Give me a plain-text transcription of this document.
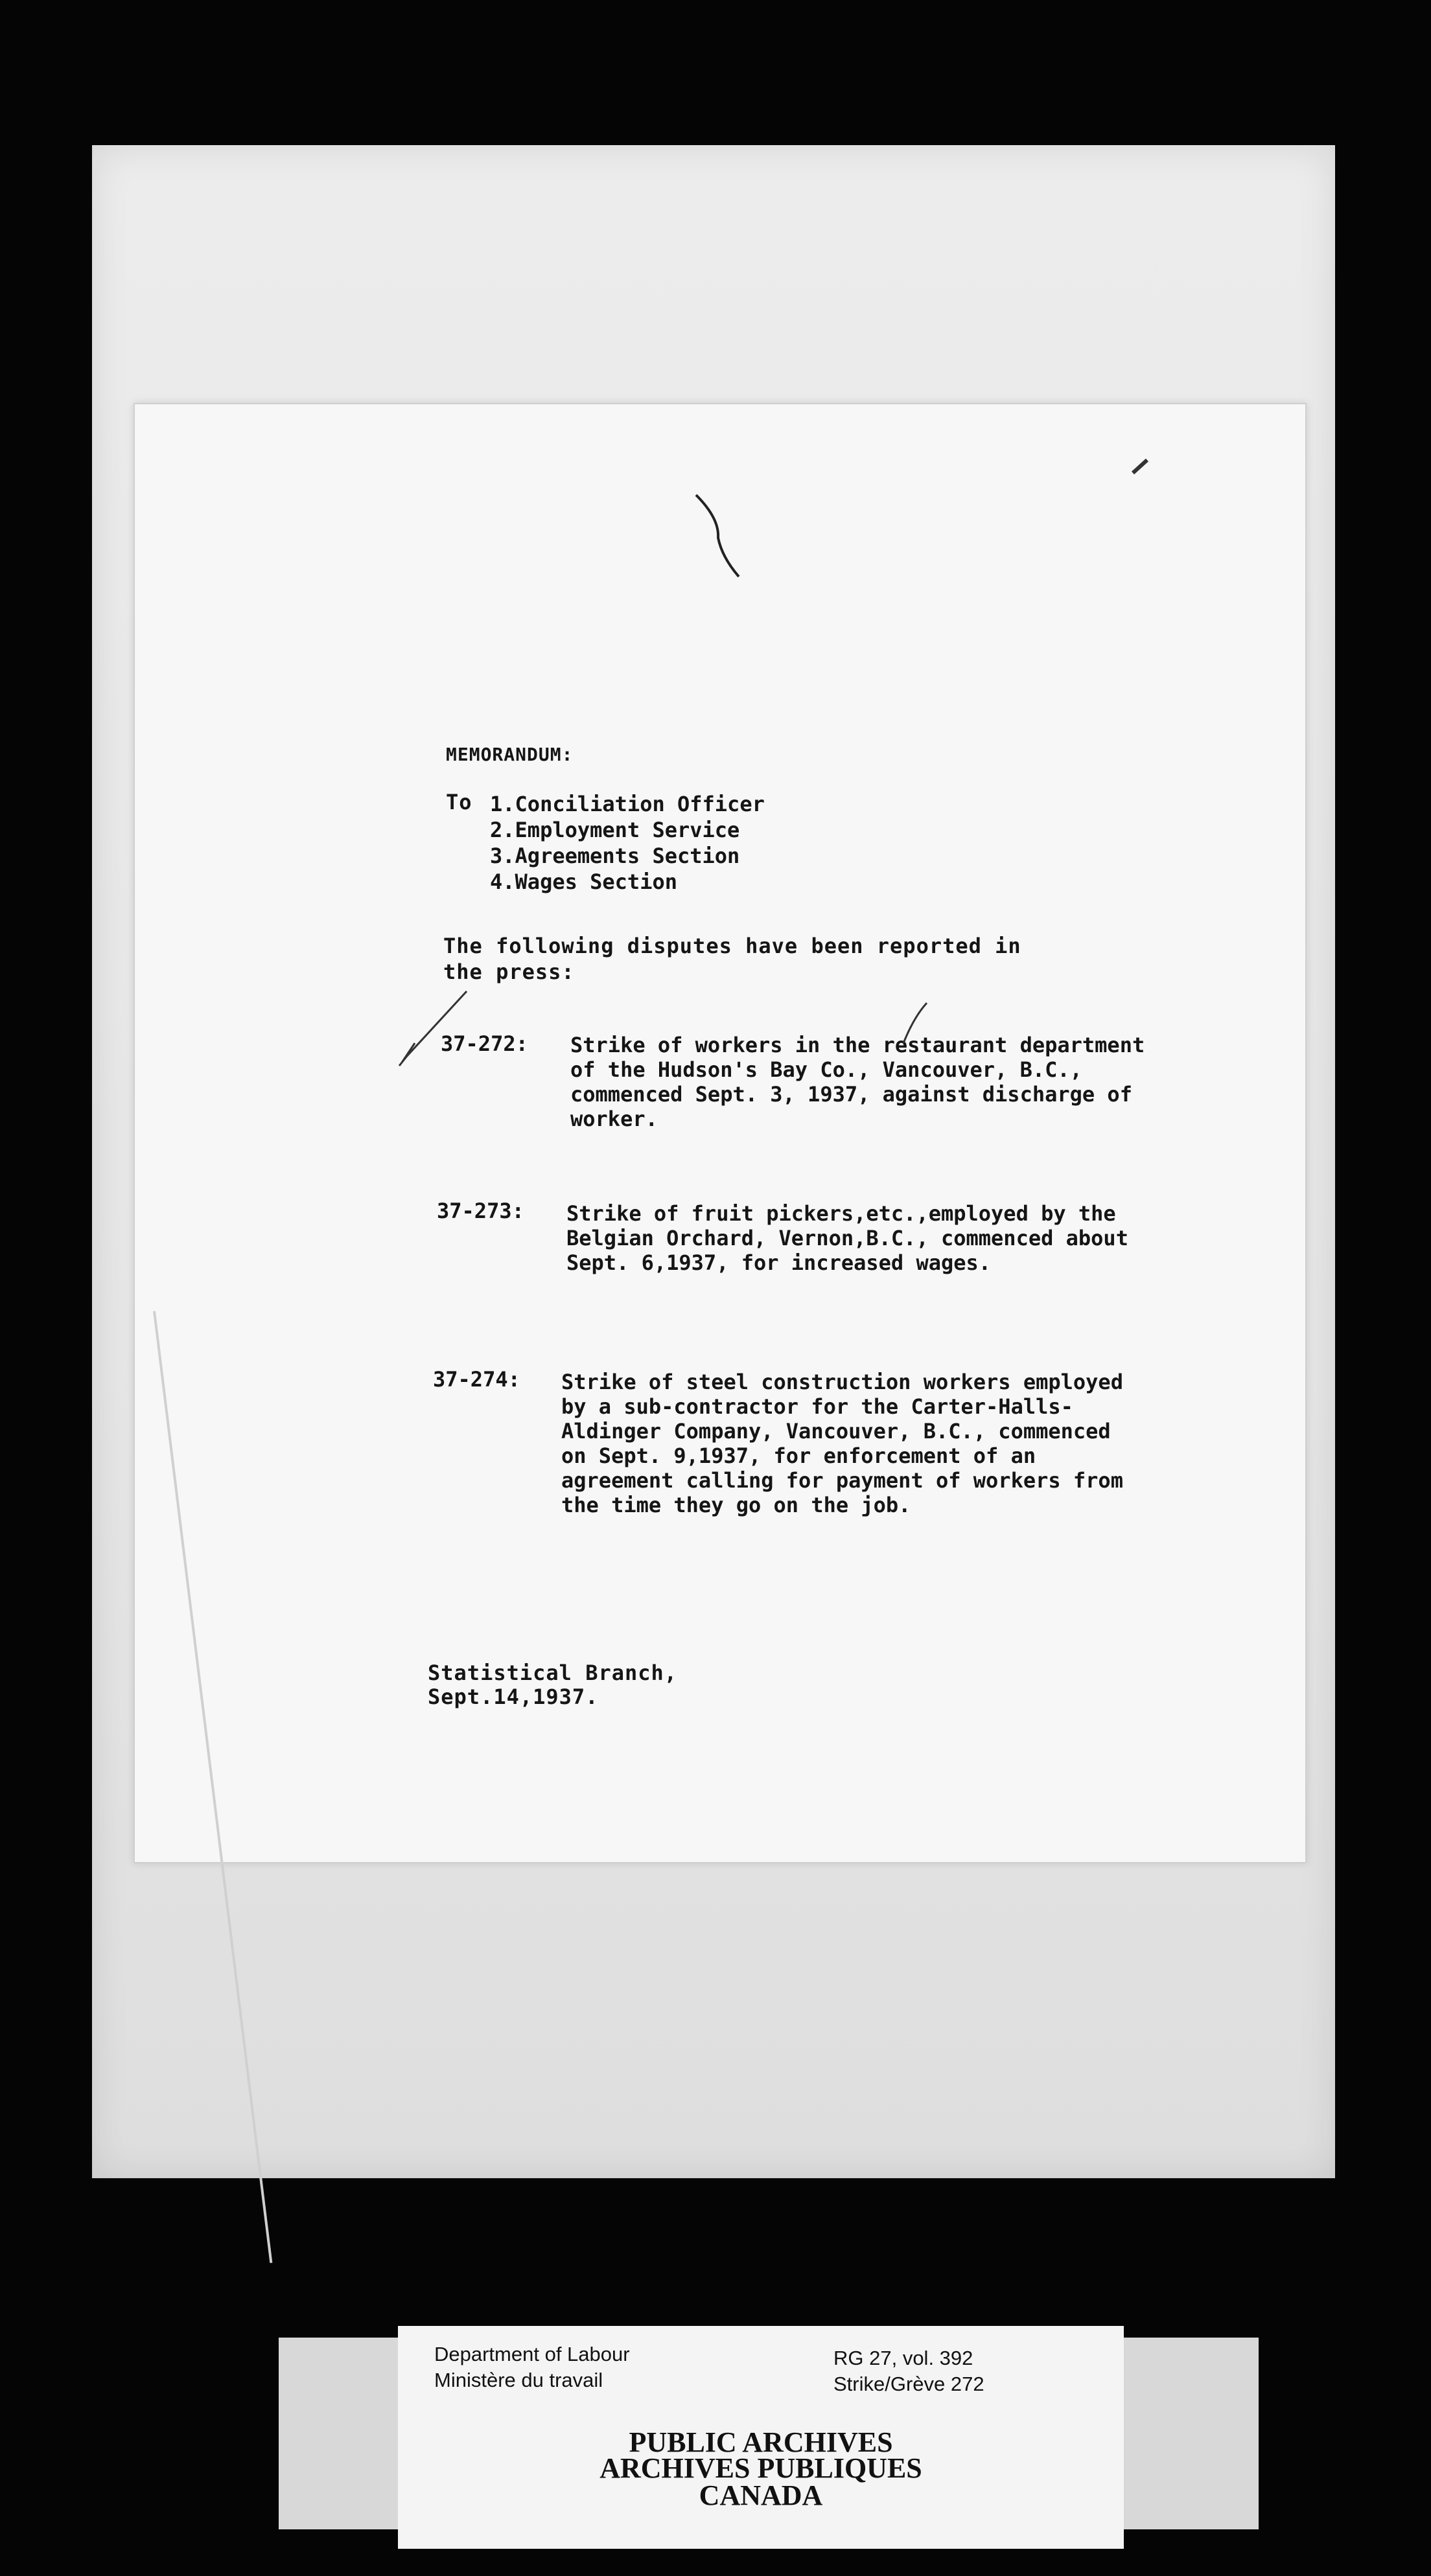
MEMORANDUM:
To 1.Conciliation Officer
2.Employment Service
3.Agreements Section
4.Wages Section
The following disputes have been reported in the press:
37-272: Strike of workers in the restaurant department of the Hudson's Bay Co., Vancouver, B.C., commenced Sept. 3, 1937, against discharge of worker.
37-273: Strike of fruit pickers,etc.,employed by the Belgian Orchard, Vernon,B.C., commenced about Sept. 6,1937, for increased wages.
37-274: Strike of steel construction workers employed by a sub-contractor for the Carter-Halls-Aldinger Company, Vancouver, B.C., commenced on Sept. 9,1937, for enforcement of an agreement calling for payment of workers from the time they go on the job.
Statistical Branch,
Sept.14,1937.
Department of Labour
Ministère du travail
RG 27, vol. 392
Strike/Grève 272
PUBLIC ARCHIVES
ARCHIVES PUBLIQUES
CANADA
